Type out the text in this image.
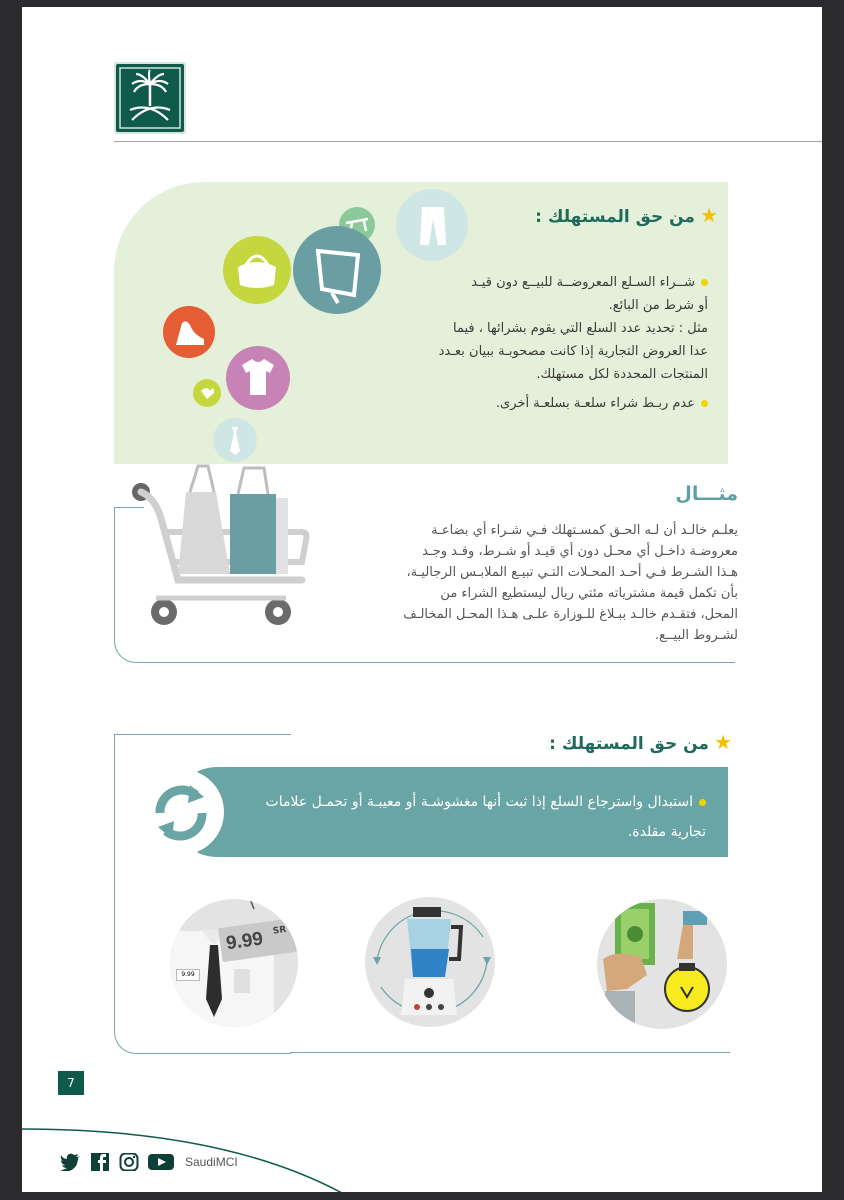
★ من حق المستهلك :
شــراء السـلع المعروضــة للبيــع دون قيـد
أو شرط من البائع.
مثل : تحديد عدد السلع التي يقوم بشرائها ، فيما
عدا العروض التجارية إذا كانت مصحوبـة ببيان بعـدد
المنتجات المحددة لكل مستهلك.
عدم ربـط شراء سلعـة بسلعـة أخرى.
مثـــال
يعلـم خالـد أن لـه الحـق كمسـتهلك فـي شـراء أي بضاعـة
معروضـة داخـل أي محـل دون أي قيـد أو شـرط، وقـد وجـد
هـذا الشـرط فـي أحـد المحـلات التـي تبيـع الملابـس الرجاليـة،
بأن تكمل قيمة مشترياته مئتي ريال ليستطيع الشراء من
المحل، فتقـدم خالـد ببـلاغ للـوزارة علـى هـذا المحـل المخالـف
لشـروط البيــع.
★ من حق المستهلك :
استبدال واسترجاع السلع إذا ثبت أنها مغشوشـة أو معيبـة أو تحمـل علامات
تجارية مقلدة.
9.99
9.99 SR
7
SaudiMCI
